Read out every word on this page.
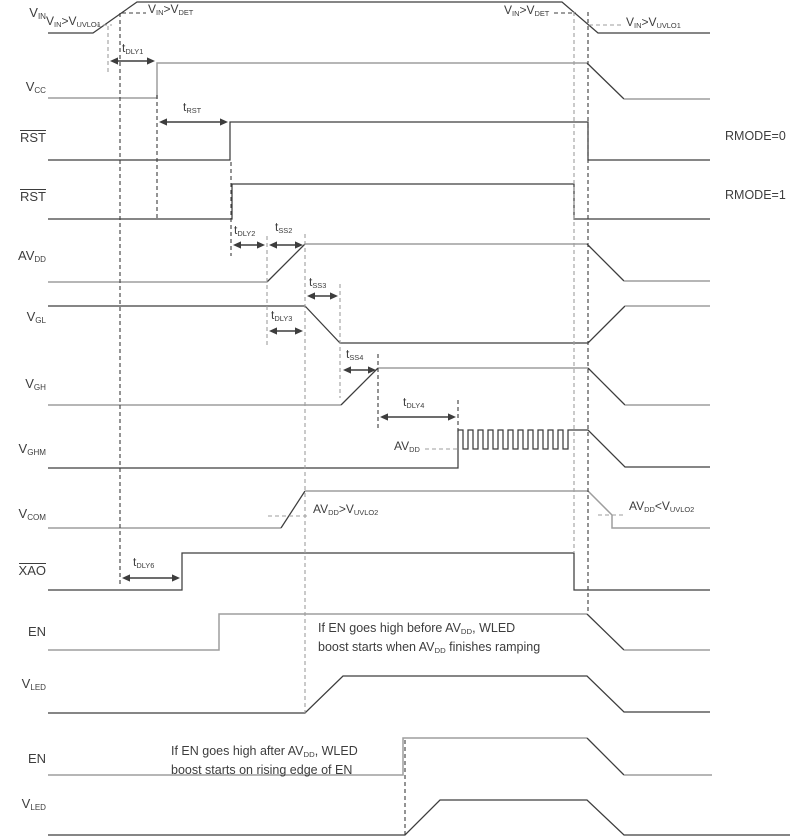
$V_{IN}$
$V_{CC}$
RST
RST
$AV_{DD}$
$V_{GL}$
$V_{GH}$
$V_{GHM}$
$V_{COM}$
XAO
EN
$V_{LED}$
EN
$V_{LED}$
RMODE=0
RMODE=1
$t_{DLY1}$
$t_{RST}$
$t_{DLY2}$ $t_{SS2}$
$t_{SS3}$
$t_{DLY3}$
$t_{SS4}$
$t_{DLY4}$
$t_{DLY6}$
$V_{IN}>V_{UVLO1}$
$V_{IN}>V_{DET}$	$V_{IN}>V_{DET}$
$V_{IN}>V_{UVLO1}$
$AV_{DD}$
$AV_{DD}>V_{UVLO2}$	$AV_{DD}<V_{UVLO2}$
If EN goes high before $AV_{DD}$, WLED
boost starts when $AV_{DD}$ finishes ramping
If EN goes high after $AV_{DD}$, WLED
boost starts on rising edge of EN
